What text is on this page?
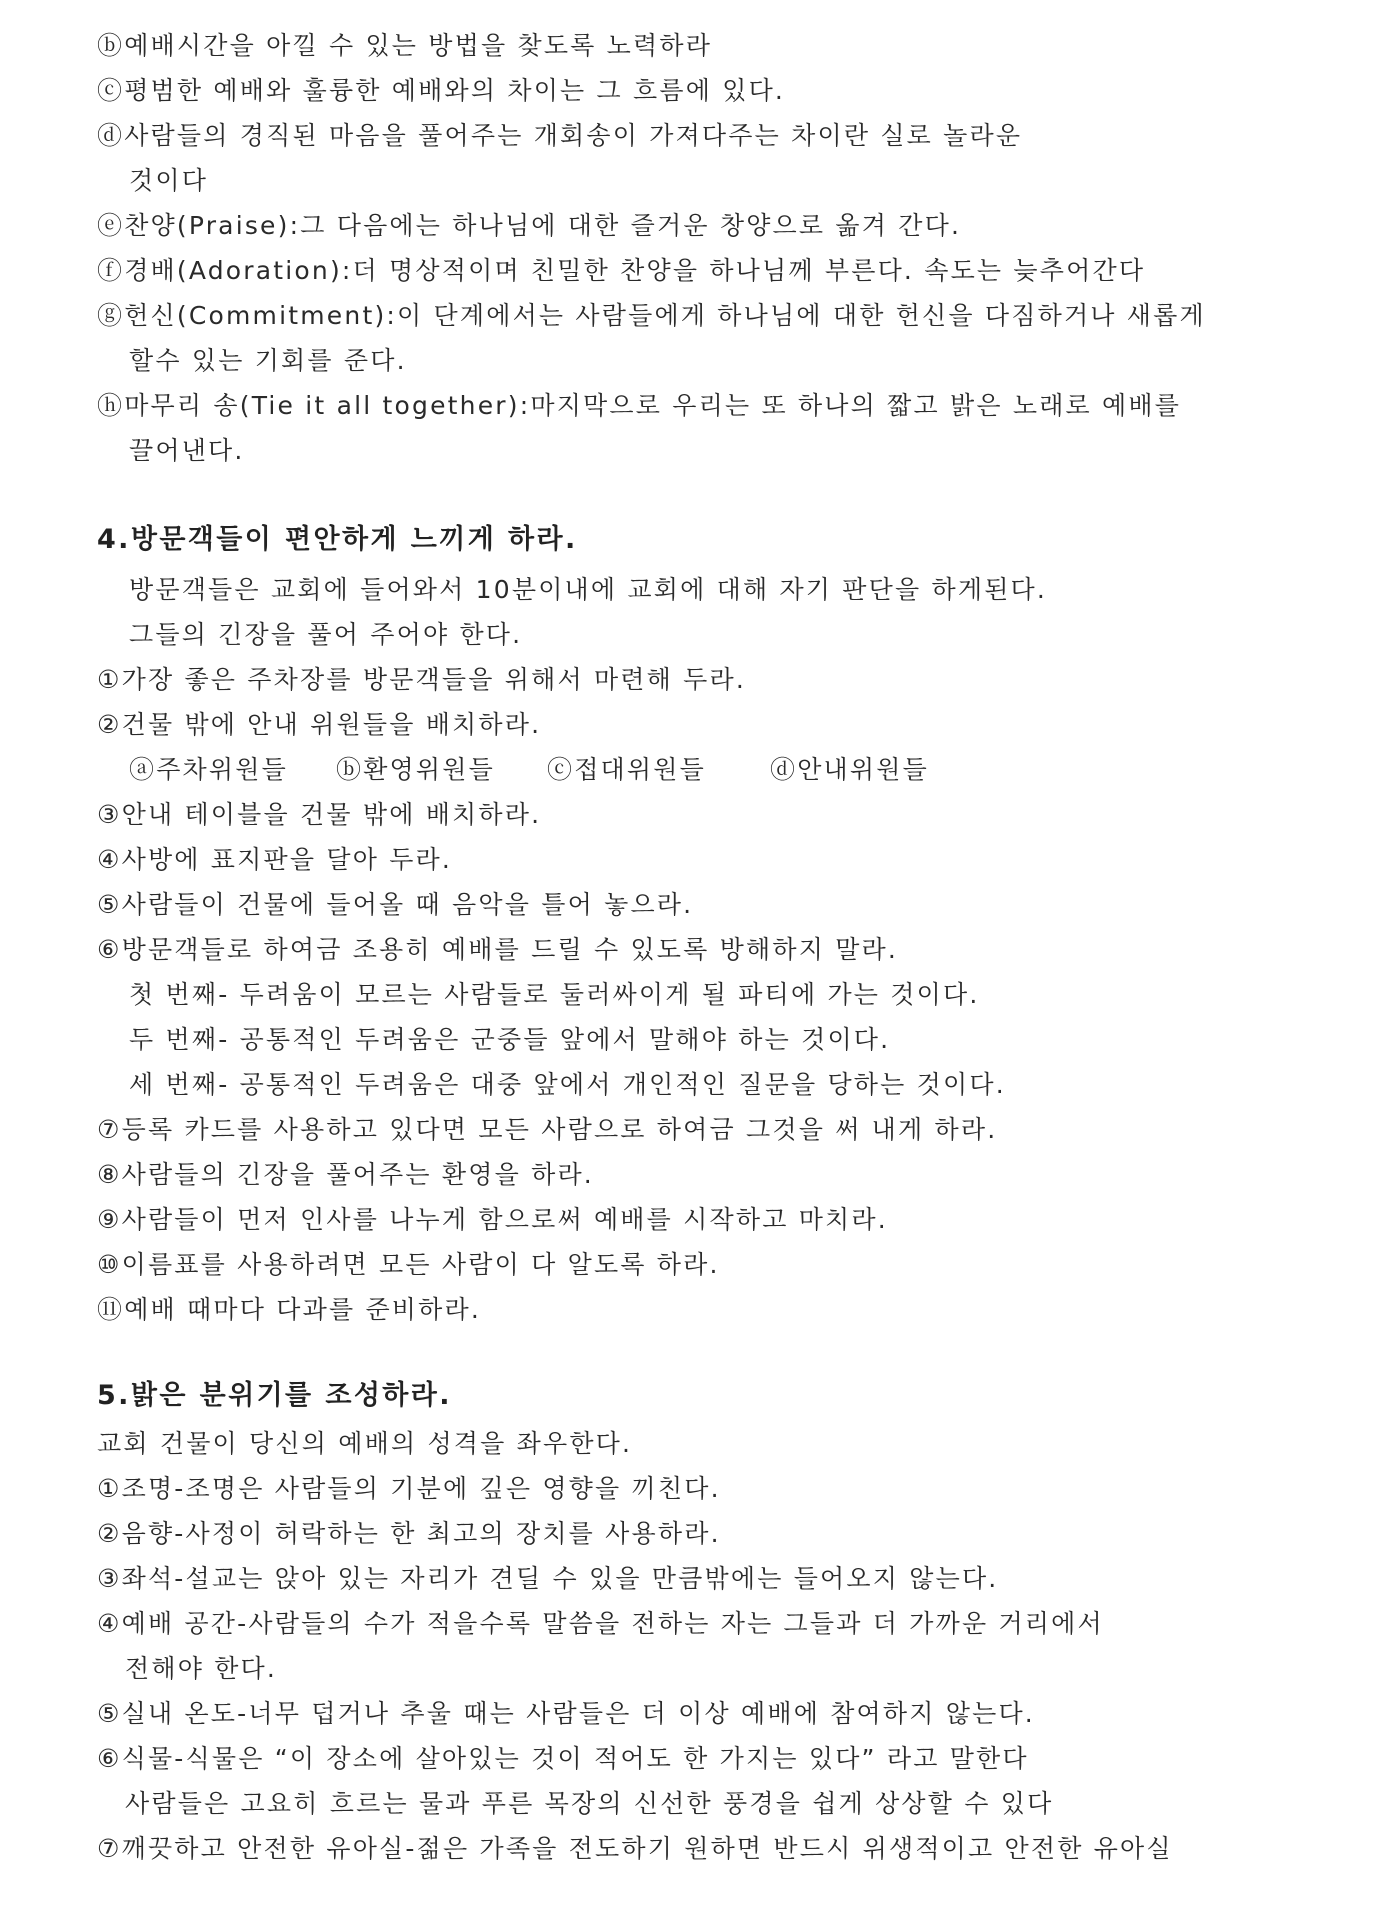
ⓑ예배시간을 아낄 수 있는 방법을 찾도록 노력하라
ⓒ평범한 예배와 훌륭한 예배와의 차이는 그 흐름에 있다.
ⓓ사람들의 경직된 마음을 풀어주는 개회송이 가져다주는 차이란 실로 놀라운
것이다
ⓔ찬양(Praise):그 다음에는 하나님에 대한 즐거운 창양으로 옮겨 간다.
ⓕ경배(Adoration):더 명상적이며 친밀한 찬양을 하나님께 부른다. 속도는 늦추어간다
ⓖ헌신(Commitment):이 단계에서는 사람들에게 하나님에 대한 헌신을 다짐하거나 새롭게
할수 있는 기회를 준다.
ⓗ마무리 송(Tie it all together):마지막으로 우리는 또 하나의 짧고 밝은 노래로 예배를
끌어낸다.
4.방문객들이 편안하게 느끼게 하라.
방문객들은 교회에 들어와서 10분이내에 교회에 대해 자기 판단을 하게된다.
그들의 긴장을 풀어 주어야 한다.
①가장 좋은 주차장를 방문객들을 위해서 마련해 두라.
②건물 밖에 안내 위원들을 배치하라.
ⓐ주차위원들 ⓑ환영위원들 ⓒ접대위원들	ⓓ안내위원들
③안내 테이블을 건물 밖에 배치하라.
④사방에 표지판을 달아 두라.
⑤사람들이 건물에 들어올 때 음악을 틀어 놓으라.
⑥방문객들로 하여금 조용히 예배를 드릴 수 있도록 방해하지 말라.
첫 번째- 두려움이 모르는 사람들로 둘러싸이게 될 파티에 가는 것이다.
두 번째- 공통적인 두려움은 군중들 앞에서 말해야 하는 것이다.
세 번째- 공통적인 두려움은 대중 앞에서 개인적인 질문을 당하는 것이다.
⑦등록 카드를 사용하고 있다면 모든 사람으로 하여금 그것을 써 내게 하라.
⑧사람들의 긴장을 풀어주는 환영을 하라.
⑨사람들이 먼저 인사를 나누게 함으로써 예배를 시작하고 마치라.
⑩이름표를 사용하려면 모든 사람이 다 알도록 하라.
⑪예배 때마다 다과를 준비하라.
5.밝은 분위기를 조성하라.
교회 건물이 당신의 예배의 성격을 좌우한다.
①조명-조명은 사람들의 기분에 깊은 영향을 끼친다.
②음향-사정이 허락하는 한 최고의 장치를 사용하라.
③좌석-설교는 앉아 있는 자리가 견딜 수 있을 만큼밖에는 들어오지 않는다.
④예배 공간-사람들의 수가 적을수록 말씀을 전하는 자는 그들과 더 가까운 거리에서
전해야 한다.
⑤실내 온도-너무 덥거나 추울 때는 사람들은 더 이상 예배에 참여하지 않는다.
⑥식물-식물은 “이 장소에 살아있는 것이 적어도 한 가지는 있다” 라고 말한다
사람들은 고요히 흐르는 물과 푸른 목장의 신선한 풍경을 쉽게 상상할 수 있다
⑦깨끗하고 안전한 유아실-젊은 가족을 전도하기 원하면 반드시 위생적이고 안전한 유아실
